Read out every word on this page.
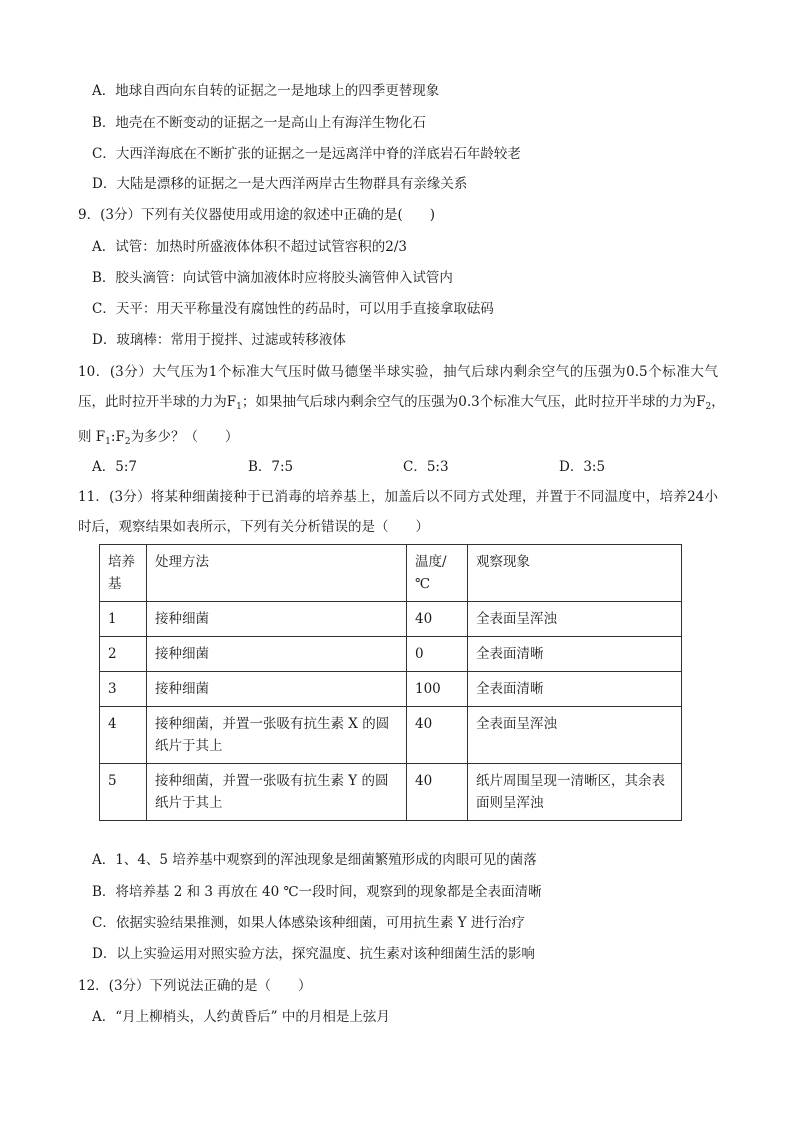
A．地球自西向东自转的证据之一是地球上的四季更替现象
B．地壳在不断变动的证据之一是高山上有海洋生物化石
C．大西洋海底在不断扩张的证据之一是远离洋中脊的洋底岩石年龄较老
D．大陆是漂移的证据之一是大西洋两岸古生物群具有亲缘关系
9．(3分）下列有关仪器使用或用途的叙述中正确的是(　　)
A．试管：加热时所盛液体体积不超过试管容积的2/3
B．胶头滴管：向试管中滴加液体时应将胶头滴管伸入试管内
C．天平：用天平称量没有腐蚀性的药品时，可以用手直接拿取砝码
D．玻璃棒：常用于搅拌、过滤或转移液体
10．(3分）大气压为1个标准大气压时做马德堡半球实验，抽气后球内剩余空气的压强为0.5个标准大气压，此时拉开半球的力为$F_1$；如果抽气后球内剩余空气的压强为0.3个标准大气压，此时拉开半球的力为$F_2$，　则 $F_1:F_2$为多少？（　　）
A．5:7	B．7:5	C．5:3	D．3:5
11．(3分）将某种细菌接种于已消毒的培养基上，加盖后以不同方式处理，并置于不同温度中，培养24小时后，观察结果如表所示，下列有关分析错误的是（　　）
培养基	处理方法	温度/℃	观察现象
1	接种细菌	40	全表面呈浑浊
2	接种细菌	0	全表面清晰
3	接种细菌	100	全表面清晰
4	接种细菌，并置一张吸有抗生素 X 的圆纸片于其上	40	全表面呈浑浊
5	接种细菌，并置一张吸有抗生素 Y 的圆纸片于其上	40	纸片周围呈现一清晰区，其余表面则呈浑浊
A．1、4、5 培养基中观察到的浑浊现象是细菌繁殖形成的肉眼可见的菌落
B．将培养基 2 和 3 再放在 40 ℃一段时间，观察到的现象都是全表面清晰
C．依据实验结果推测，如果人体感染该种细菌，可用抗生素 Y 进行治疗
D．以上实验运用对照实验方法，探究温度、抗生素对该种细菌生活的影响
12．(3分）下列说法正确的是（　　）
A．“月上柳梢头，人约黄昏后” 中的月相是上弦月
